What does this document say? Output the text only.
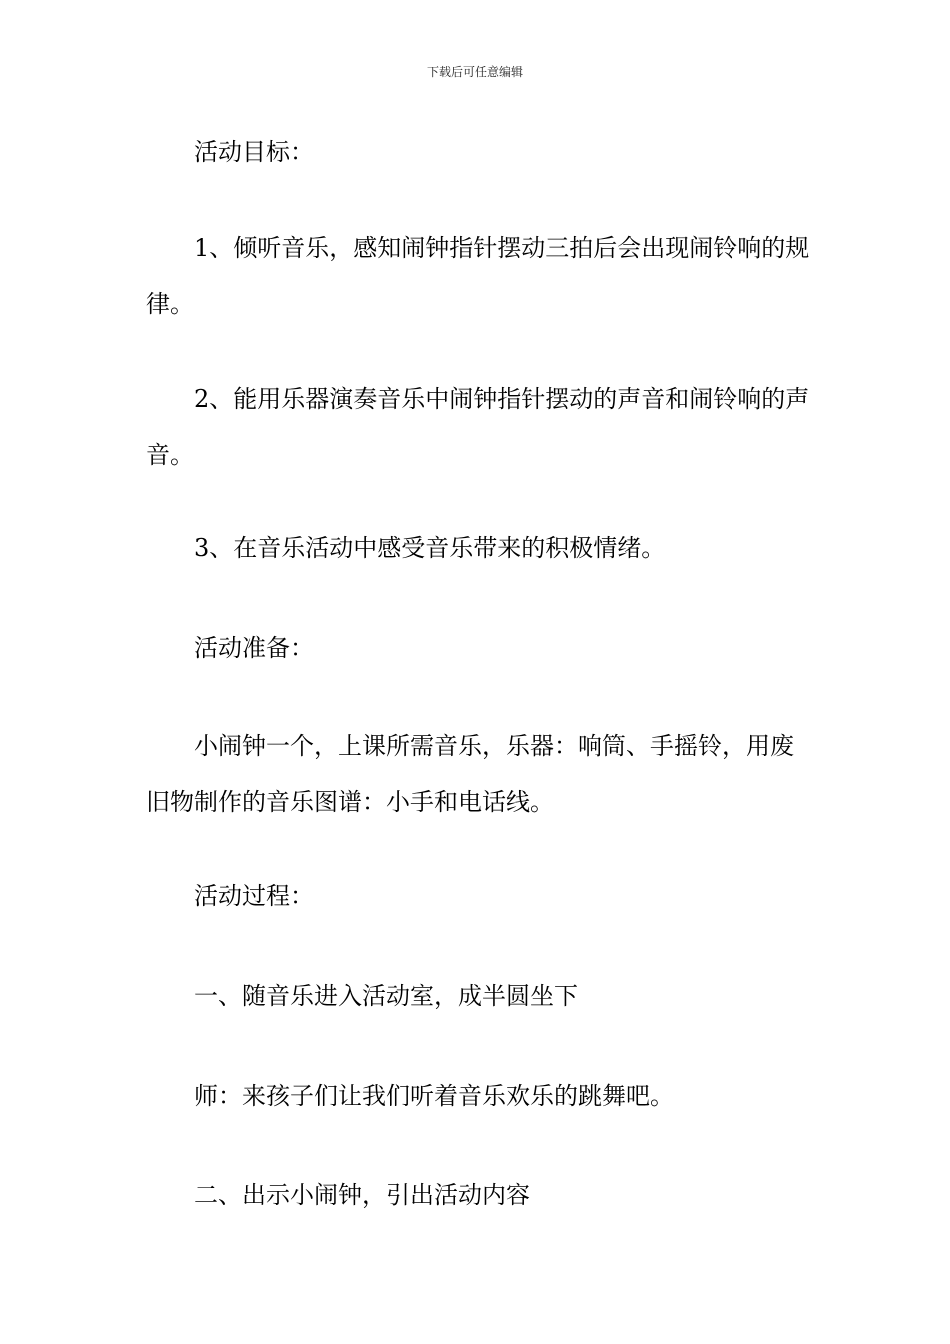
下载后可任意编辑

活动目标：

1、倾听音乐，感知闹钟指针摆动三拍后会出现闹铃响的规律。

2、能用乐器演奏音乐中闹钟指针摆动的声音和闹铃响的声音。

3、在音乐活动中感受音乐带来的积极情绪。

活动准备：

小闹钟一个，上课所需音乐，乐器：响筒、手摇铃，用废旧物制作的音乐图谱：小手和电话线。

活动过程：

一、随音乐进入活动室，成半圆坐下

师：来孩子们让我们听着音乐欢乐的跳舞吧。

二、出示小闹钟，引出活动内容
